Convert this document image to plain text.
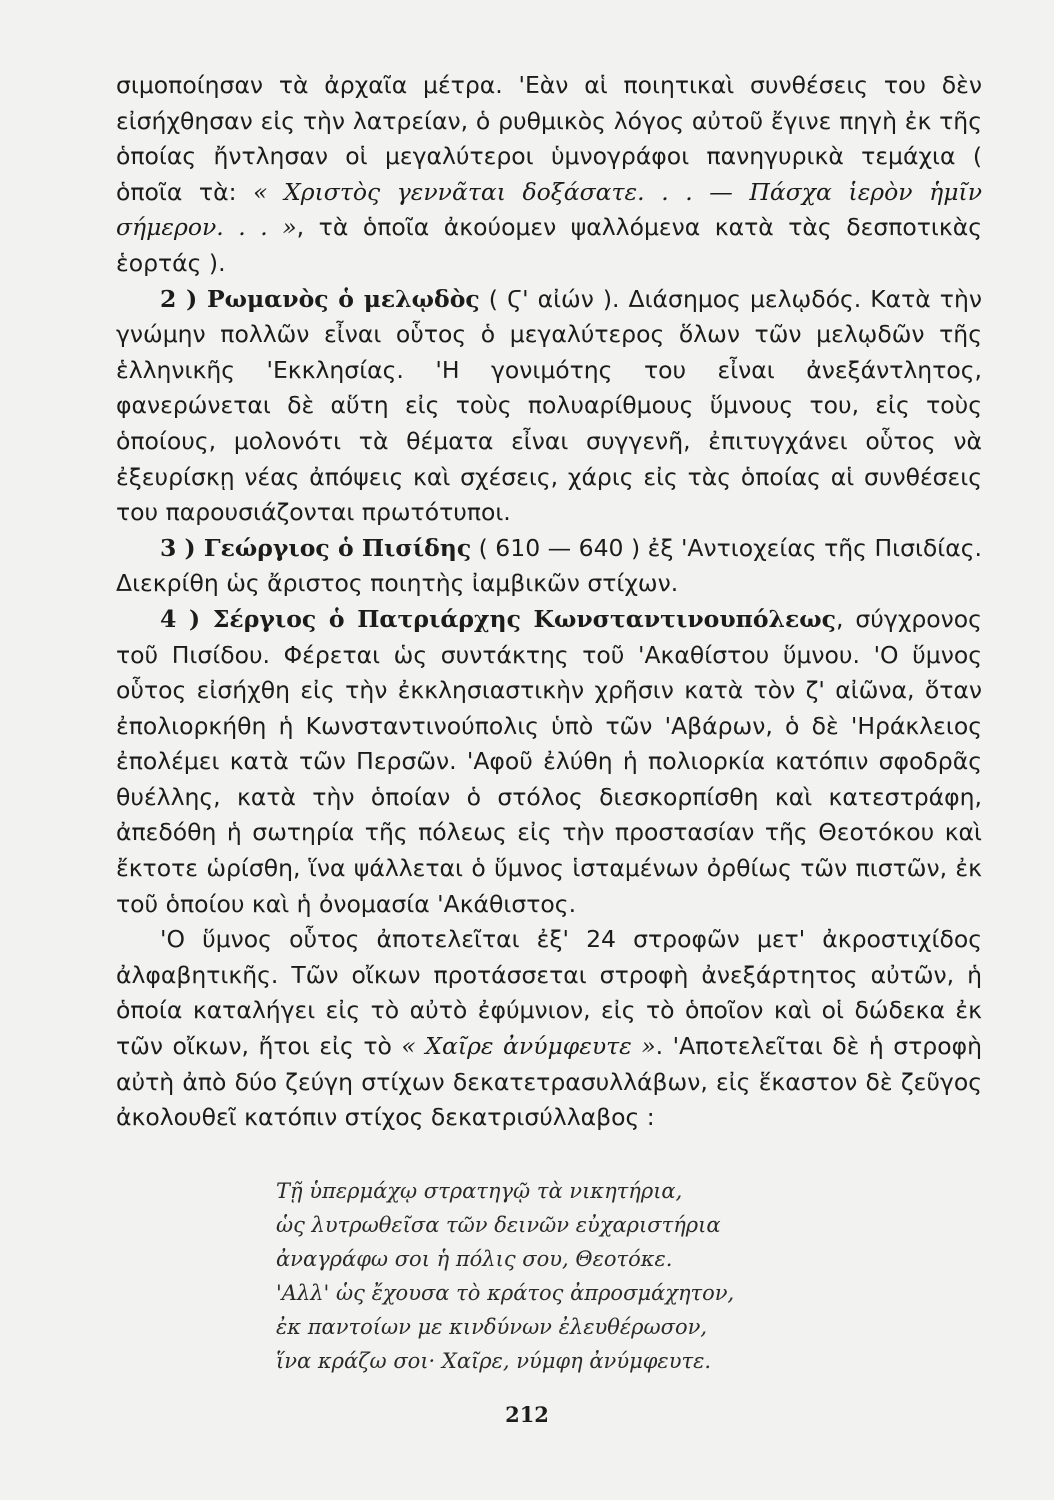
σιμοποίησαν τὰ ἀρχαῖα μέτρα. 'Εὰν αἱ ποιητικαὶ συνθέσεις του δὲν εἰσήχθησαν εἰς τὴν λατρείαν, ὁ ρυθμικὸς λόγος αὐτοῦ ἔγινε πηγὴ ἐκ τῆς ὁποίας ἤντλησαν οἱ μεγαλύτεροι ὑμνογράφοι πανηγυρικὰ τεμάχια ( ὁποῖα τὰ: « Χριστὸς γεννᾶται δοξάσατε. . . — Πάσχα ἱερὸν ἡμῖν σήμερον. . . », τὰ ὁποῖα ἀκούομεν ψαλλόμενα κατὰ τὰς δεσποτικὰς ἑορτάς ).

2 ) Ρωμανὸς ὁ μελῳδὸς ( Ϛ' αἰών ). Διάσημος μελῳδός. Κατὰ τὴν γνώμην πολλῶν εἶναι οὗτος ὁ μεγαλύτερος ὅλων τῶν μελῳδῶν τῆς ἑλληνικῆς 'Εκκλησίας. 'Η γονιμότης του εἶναι ἀνεξάντλητος, φανερώνεται δὲ αὕτη εἰς τοὺς πολυαρίθμους ὕμνους του, εἰς τοὺς ὁποίους, μολονότι τὰ θέματα εἶναι συγγενῆ, ἐπιτυγχάνει οὗτος νὰ ἐξευρίσκῃ νέας ἀπόψεις καὶ σχέσεις, χάρις εἰς τὰς ὁποίας αἱ συνθέσεις του παρουσιάζονται πρωτότυποι.

3 ) Γεώργιος ὁ Πισίδης ( 610 — 640 ) ἐξ 'Αντιοχείας τῆς Πισιδίας. Διεκρίθη ὡς ἄριστος ποιητὴς ἰαμβικῶν στίχων.

4 ) Σέργιος ὁ Πατριάρχης Κωνσταντινουπόλεως, σύγχρονος τοῦ Πισίδου. Φέρεται ὡς συντάκτης τοῦ 'Ακαθίστου ὕμνου. 'Ο ὕμνος οὗτος εἰσήχθη εἰς τὴν ἐκκλησιαστικὴν χρῆσιν κατὰ τὸν ζ' αἰῶνα, ὅταν ἐπολιορκήθη ἡ Κωνσταντινούπολις ὑπὸ τῶν 'Αβάρων, ὁ δὲ 'Ηράκλειος ἐπολέμει κατὰ τῶν Περσῶν. 'Αφοῦ ἐλύθη ἡ πολιορκία κατόπιν σφοδρᾶς θυέλλης, κατὰ τὴν ὁποίαν ὁ στόλος διεσκορπίσθη καὶ κατεστράφη, ἀπεδόθη ἡ σωτηρία τῆς πόλεως εἰς τὴν προστασίαν τῆς Θεοτόκου καὶ ἔκτοτε ὡρίσθη, ἵνα ψάλλεται ὁ ὕμνος ἱσταμένων ὀρθίως τῶν πιστῶν, ἐκ τοῦ ὁποίου καὶ ἡ ὀνομασία 'Ακάθιστος.

'Ο ὕμνος οὗτος ἀποτελεῖται ἐξ' 24 στροφῶν μετ' ἀκροστιχίδος ἀλφαβητικῆς. Τῶν οἴκων προτάσσεται στροφὴ ἀνεξάρτητος αὐτῶν, ἡ ὁποία καταλήγει εἰς τὸ αὐτὸ ἐφύμνιον, εἰς τὸ ὁποῖον καὶ οἱ δώδεκα ἐκ τῶν οἴκων, ἤτοι εἰς τὸ « Χαῖρε ἀνύμφευτε ». 'Αποτελεῖται δὲ ἡ στροφὴ αὐτὴ ἀπὸ δύο ζεύγη στίχων δεκατετρασυλλάβων, εἰς ἕκαστον δὲ ζεῦγος ἀκολουθεῖ κατόπιν στίχος δεκατρισύλλαβος :

Τῇ ὑπερμάχῳ στρατηγῷ τὰ νικητήρια,
ὡς λυτρωθεῖσα τῶν δεινῶν εὐχαριστήρια
ἀναγράφω σοι ἡ πόλις σου, Θεοτόκε.
'Αλλ' ὡς ἔχουσα τὸ κράτος ἀπροσμάχητον,
ἐκ παντοίων με κινδύνων ἐλευθέρωσον,
ἵνα κράζω σοι· Χαῖρε, νύμφη ἀνύμφευτε.
212
